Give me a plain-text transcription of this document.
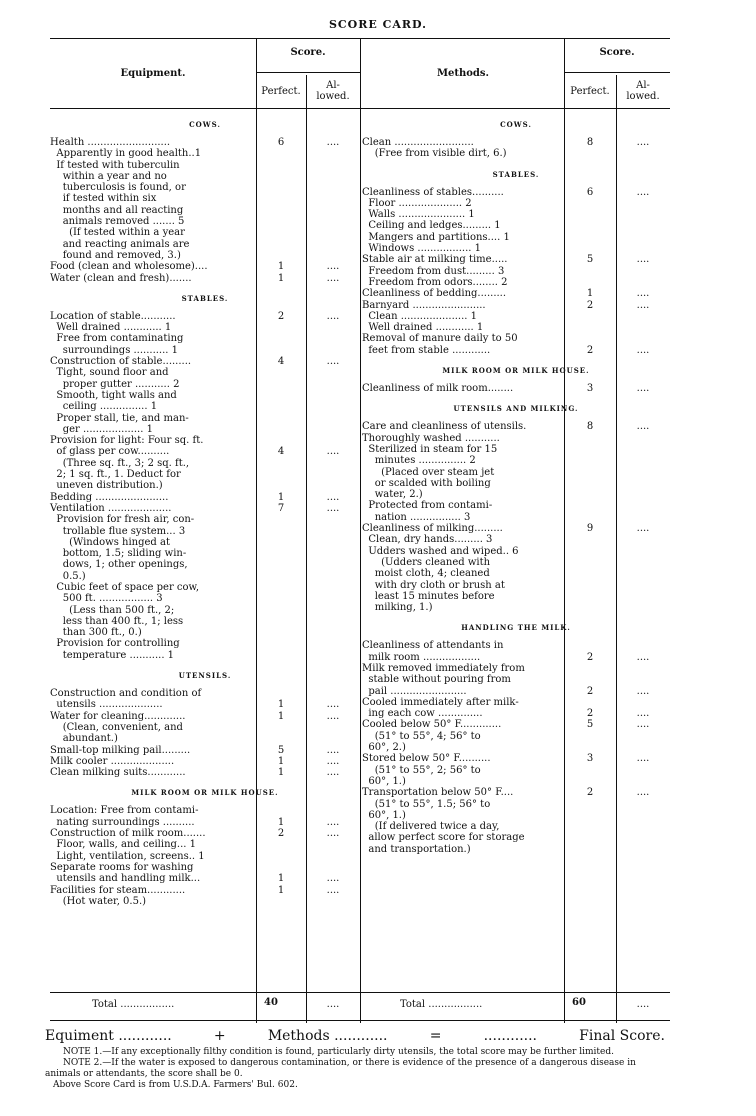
SCORE CARD.
Equipment.
Score.
Perfect.
Al-
lowed.
Methods.
Score.
Perfect.
Al-
lowed.
COWS.
Health ..........................	6	....
Apparently in good health..1
If tested with tuberculin
within a year and no
tuberculosis is found, or
if tested within six
months and all reacting
animals removed ....... 5
(If tested within a year
and reacting animals are
found and removed, 3.)
Food (clean and wholesome)....	1	....
Water (clean and fresh).......	1	....
STABLES.
Location of stable...........	2	....
Well drained ............ 1
Free from contaminating
surroundings ........... 1
Construction of stable.........	4	....
Tight, sound floor and
proper gutter ........... 2
Smooth, tight walls and
ceiling ............... 1
Proper stall, tie, and man-
ger ................... 1
Provision for light: Four sq. ft.
of glass per cow..........	4	....
(Three sq. ft., 3; 2 sq. ft.,
2; 1 sq. ft., 1. Deduct for
uneven distribution.)
Bedding .......................	1	....
Ventilation ....................	7	....
Provision for fresh air, con-
trollable flue system... 3
(Windows hinged at
bottom, 1.5; sliding win-
dows, 1; other openings,
0.5.)
Cubic feet of space per cow,
500 ft. ................. 3
(Less than 500 ft., 2;
less than 400 ft., 1; less
than 300 ft., 0.)
Provision for controlling
temperature ........... 1
UTENSILS.
Construction and condition of
utensils ....................	1	....
Water for cleaning.............	1	....
(Clean, convenient, and
abundant.)
Small-top milking pail.........	5	....
Milk cooler ....................	1	....
Clean milking suits............	1	....
MILK ROOM OR MILK HOUSE.
Location: Free from contami-
nating surroundings ..........	1	....
Construction of milk room.......	2	....
Floor, walls, and ceiling... 1
Light, ventilation, screens.. 1
Separate rooms for washing
utensils and handling milk...	1	....
Facilities for steam............	1	....
(Hot water, 0.5.)
COWS.
Clean .........................	8	....
(Free from visible dirt, 6.)
STABLES.
Cleanliness of stables..........	6	....
Floor .................... 2
Walls ..................... 1
Ceiling and ledges......... 1
Mangers and partitions.... 1
Windows ................. 1
Stable air at milking time.....	5	....
Freedom from dust......... 3
Freedom from odors........ 2
Cleanliness of bedding.........	1	....
Barnyard .......................	2	....
Clean ..................... 1
Well drained ............ 1
Removal of manure daily to 50
feet from stable ............	2	....
MILK ROOM OR MILK HOUSE.
Cleanliness of milk room........	3	....
UTENSILS AND MILKING.
Care and cleanliness of utensils.	8	....
Thoroughly washed ...........
Sterilized in steam for 15
minutes ............... 2
(Placed over steam jet
or scalded with boiling
water, 2.)
Protected from contami-
nation ................ 3
Cleanliness of milking.........	9	....
Clean, dry hands......... 3
Udders washed and wiped.. 6
(Udders cleaned with
moist cloth, 4; cleaned
with dry cloth or brush at
least 15 minutes before
milking, 1.)
HANDLING THE MILK.
Cleanliness of attendants in
milk room ..................	2	....
Milk removed immediately from
stable without pouring from
pail ........................	2	....
Cooled immediately after milk-
ing each cow ..............	2	....
Cooled below 50° F.............	5	....
(51° to 55°, 4; 56° to
60°, 2.)
Stored below 50° F..........	3	....
(51° to 55°, 2; 56° to
60°, 1.)
Transportation below 50° F....	2	....
(51° to 55°, 1.5; 56° to
60°, 1.)
(If delivered twice a day,
allow perfect score for storage
and transportation.)
Total .................	40	....	Total .................	60	....
Equiment ............	+	Methods ............	=	............	Final Score.
NOTE 1.—If any exceptionally filthy condition is found, particularly dirty utensils, the total score may be further limited.
NOTE 2.—If the water is exposed to dangerous contamination, or there is evidence of the presence of a dangerous disease in animals or attendants, the score shall be 0.
Above Score Card is from U.S.D.A. Farmers' Bul. 602.
